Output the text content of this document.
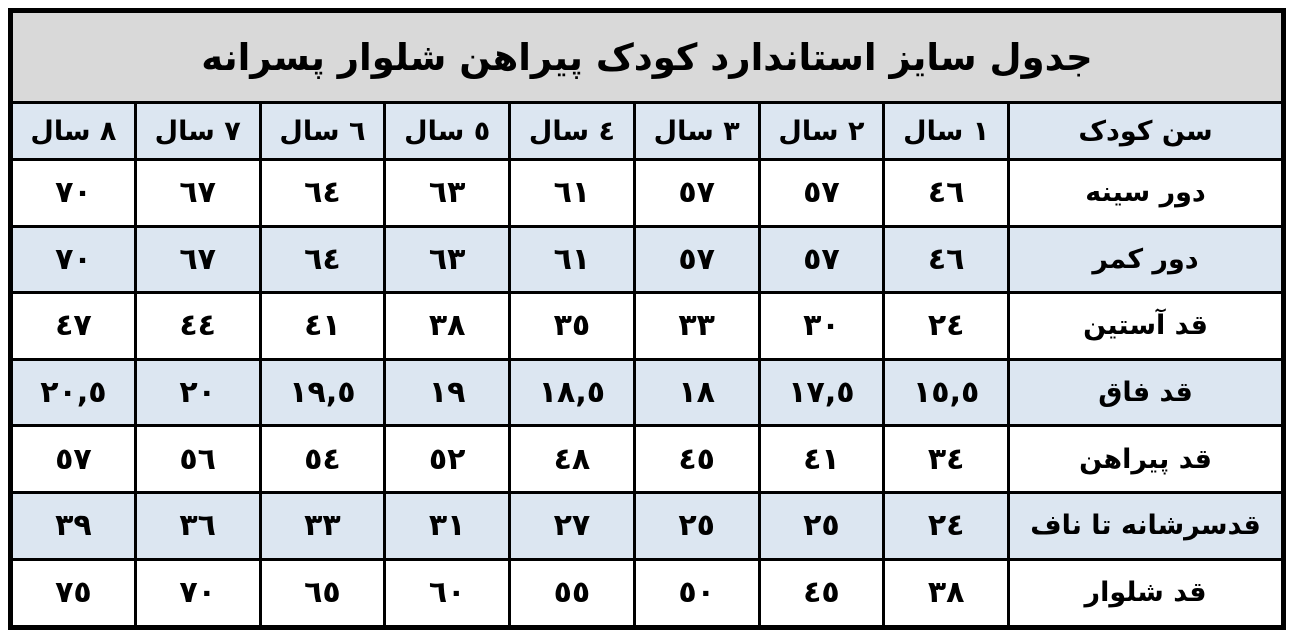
جدول سایز استاندارد کودک پیراهن شلوار پسرانه								
سن کودک	١ سال	٢ سال	٣ سال	٤ سال	٥ سال	٦ سال	٧ سال	٨ سال
دور سینه	٤٦	٥٧	٥٧	٦١	٦٣	٦٤	٦٧	٧٠
دور کمر	٤٦	٥٧	٥٧	٦١	٦٣	٦٤	٦٧	٧٠
قد آستین	٢٤	٣٠	٣٣	٣٥	٣٨	٤١	٤٤	٤٧
قد فاق	١٥,٥	١٧,٥	١٨	١٨,٥	١٩	١٩,٥	٢٠	٢٠,٥
قد پیراهن	٣٤	٤١	٤٥	٤٨	٥٢	٥٤	٥٦	٥٧
قدسرشانه تا ناف	٢٤	٢٥	٢٥	٢٧	٣١	٣٣	٣٦	٣٩
قد شلوار	٣٨	٤٥	٥٠	٥٥	٦٠	٦٥	٧٠	٧٥
